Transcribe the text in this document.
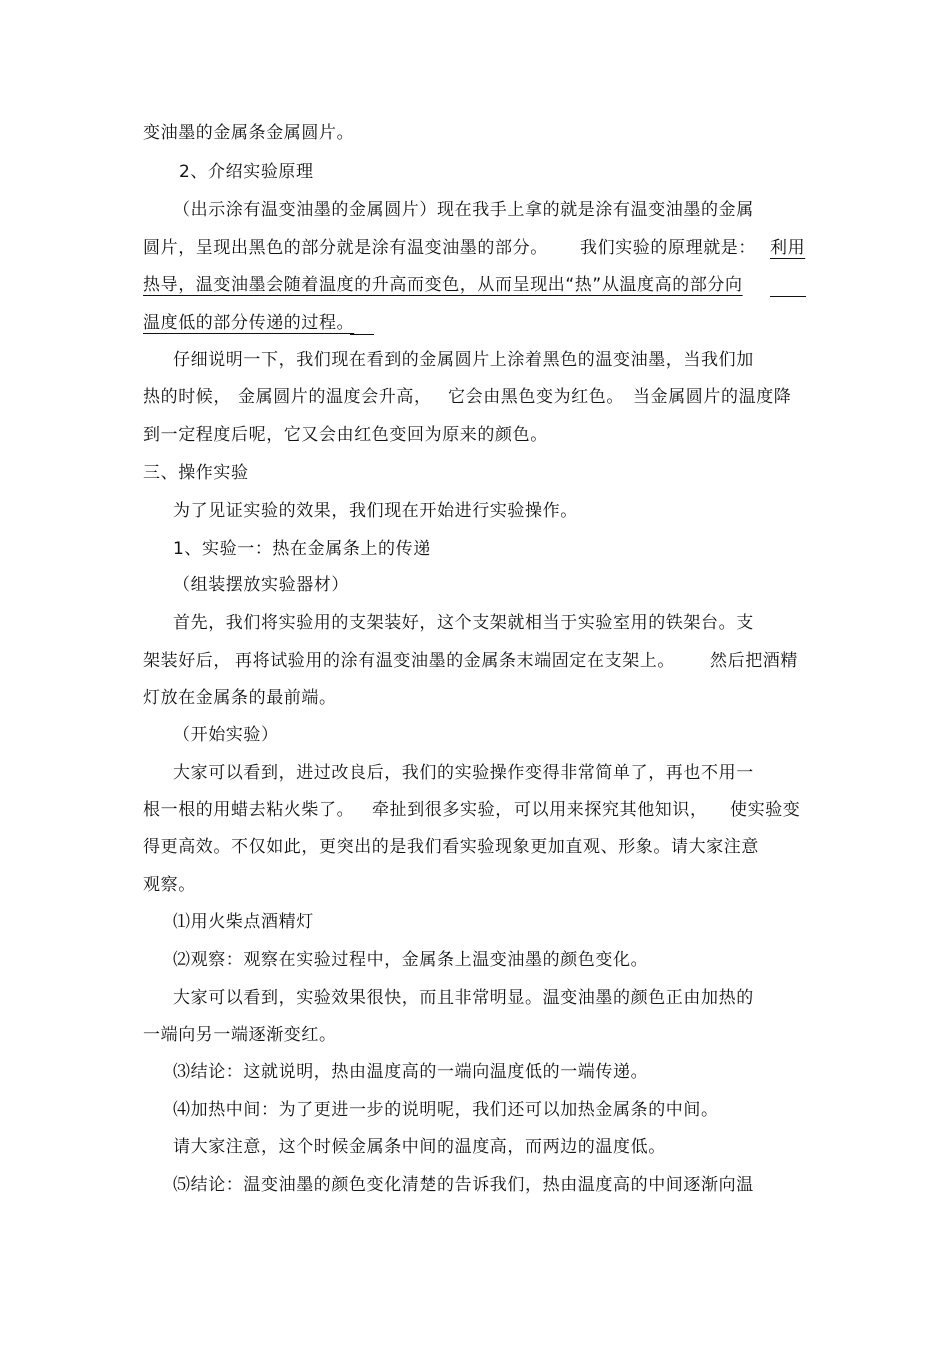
变油墨的金属条金属圆片。
2、介绍实验原理
（出示涂有温变油墨的金属圆片）现在我手上拿的就是涂有温变油墨的金属
圆片，呈现出黑色的部分就是涂有温变油墨的部分。 我们实验的原理就是： 利用
热导，温变油墨会随着温度的升高而变色，从而呈现出“热”从温度高的部分向
温度低的部分传递的过程。
仔细说明一下，我们现在看到的金属圆片上涂着黑色的温变油墨，当我们加
热的时候， 金属圆片的温度会升高， 它会由黑色变为红色。 当金属圆片的温度降
到一定程度后呢，它又会由红色变回为原来的颜色。
三、操作实验
为了见证实验的效果，我们现在开始进行实验操作。
1、实验一：热在金属条上的传递
（组装摆放实验器材）
首先，我们将实验用的支架装好，这个支架就相当于实验室用的铁架台。支
架装好后， 再将试验用的涂有温变油墨的金属条末端固定在支架上。 然后把酒精
灯放在金属条的最前端。
（开始实验）
大家可以看到，进过改良后，我们的实验操作变得非常简单了，再也不用一
根一根的用蜡去粘火柴了。 牵扯到很多实验， 可以用来探究其他知识， 使实验变
得更高效。不仅如此，更突出的是我们看实验现象更加直观、形象。请大家注意
观察。
⑴用火柴点酒精灯
⑵观察：观察在实验过程中，金属条上温变油墨的颜色变化。
大家可以看到，实验效果很快，而且非常明显。温变油墨的颜色正由加热的
一端向另一端逐渐变红。
⑶结论：这就说明，热由温度高的一端向温度低的一端传递。
⑷加热中间：为了更进一步的说明呢，我们还可以加热金属条的中间。
请大家注意，这个时候金属条中间的温度高，而两边的温度低。
⑸结论：温变油墨的颜色变化清楚的告诉我们，热由温度高的中间逐渐向温
